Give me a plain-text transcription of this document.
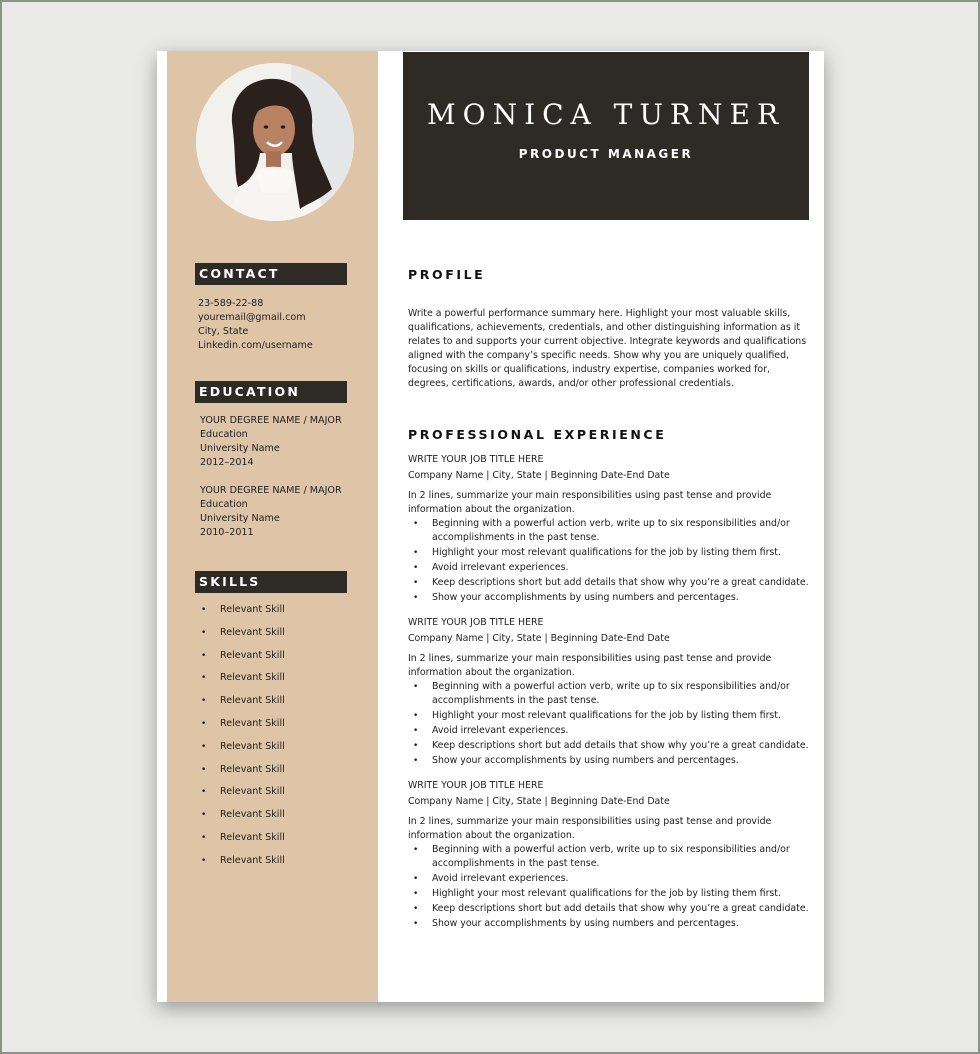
CONTACT
23-589-22-88
youremail@gmail.com
City, State
Linkedin.com/username
EDUCATION
YOUR DEGREE NAME / MAJOR
Education
University Name
2012–2014
YOUR DEGREE NAME / MAJOR
Education
University Name
2010–2011
SKILLS
• Relevant Skill
• Relevant Skill
• Relevant Skill
• Relevant Skill
• Relevant Skill
• Relevant Skill
• Relevant Skill
• Relevant Skill
• Relevant Skill
• Relevant Skill
• Relevant Skill
• Relevant Skill
MONICA TURNER
PRODUCT MANAGER
PROFILE
Write a powerful performance summary here. Highlight your most valuable skills, qualifications, achievements, credentials, and other distinguishing information as it relates to and supports your current objective. Integrate keywords and qualifications aligned with the company’s specific needs. Show why you are uniquely qualified, focusing on skills or qualifications, industry expertise, companies worked for, degrees, certifications, awards, and/or other professional credentials.
PROFESSIONAL EXPERIENCE
WRITE YOUR JOB TITLE HERE
Company Name | City, State | Beginning Date-End Date
In 2 lines, summarize your main responsibilities using past tense and provide information about the organization.
• Beginning with a powerful action verb, write up to six responsibilities and/or accomplishments in the past tense.
• Highlight your most relevant qualifications for the job by listing them first.
• Avoid irrelevant experiences.
• Keep descriptions short but add details that show why you’re a great candidate.
• Show your accomplishments by using numbers and percentages.
WRITE YOUR JOB TITLE HERE
Company Name | City, State | Beginning Date-End Date
In 2 lines, summarize your main responsibilities using past tense and provide information about the organization.
• Beginning with a powerful action verb, write up to six responsibilities and/or accomplishments in the past tense.
• Highlight your most relevant qualifications for the job by listing them first.
• Avoid irrelevant experiences.
• Keep descriptions short but add details that show why you’re a great candidate.
• Show your accomplishments by using numbers and percentages.
WRITE YOUR JOB TITLE HERE
Company Name | City, State | Beginning Date-End Date
In 2 lines, summarize your main responsibilities using past tense and provide information about the organization.
• Beginning with a powerful action verb, write up to six responsibilities and/or accomplishments in the past tense.
• Avoid irrelevant experiences.
• Highlight your most relevant qualifications for the job by listing them first.
• Keep descriptions short but add details that show why you’re a great candidate.
• Show your accomplishments by using numbers and percentages.
